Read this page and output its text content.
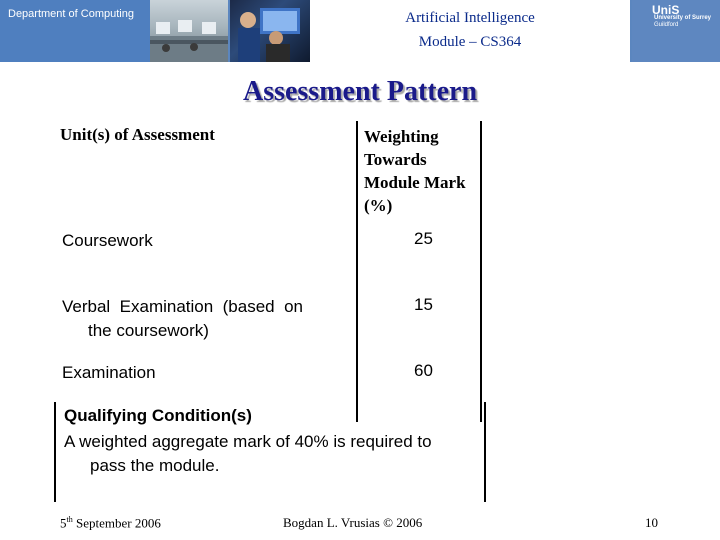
Department of Computing	Artificial Intelligence
Module – CS364
UniS
University of Surrey
Guildford
Assessment Pattern
Unit(s) of Assessment	Weighting
Towards
Module Mark
(%)

Coursework	25

Verbal  Examination  (based  on
the coursework)	15

Examination	60
Qualifying Condition(s)
A weighted aggregate mark of 40% is required to
pass the module.
5th September 2006	Bogdan L. Vrusias © 2006	10
